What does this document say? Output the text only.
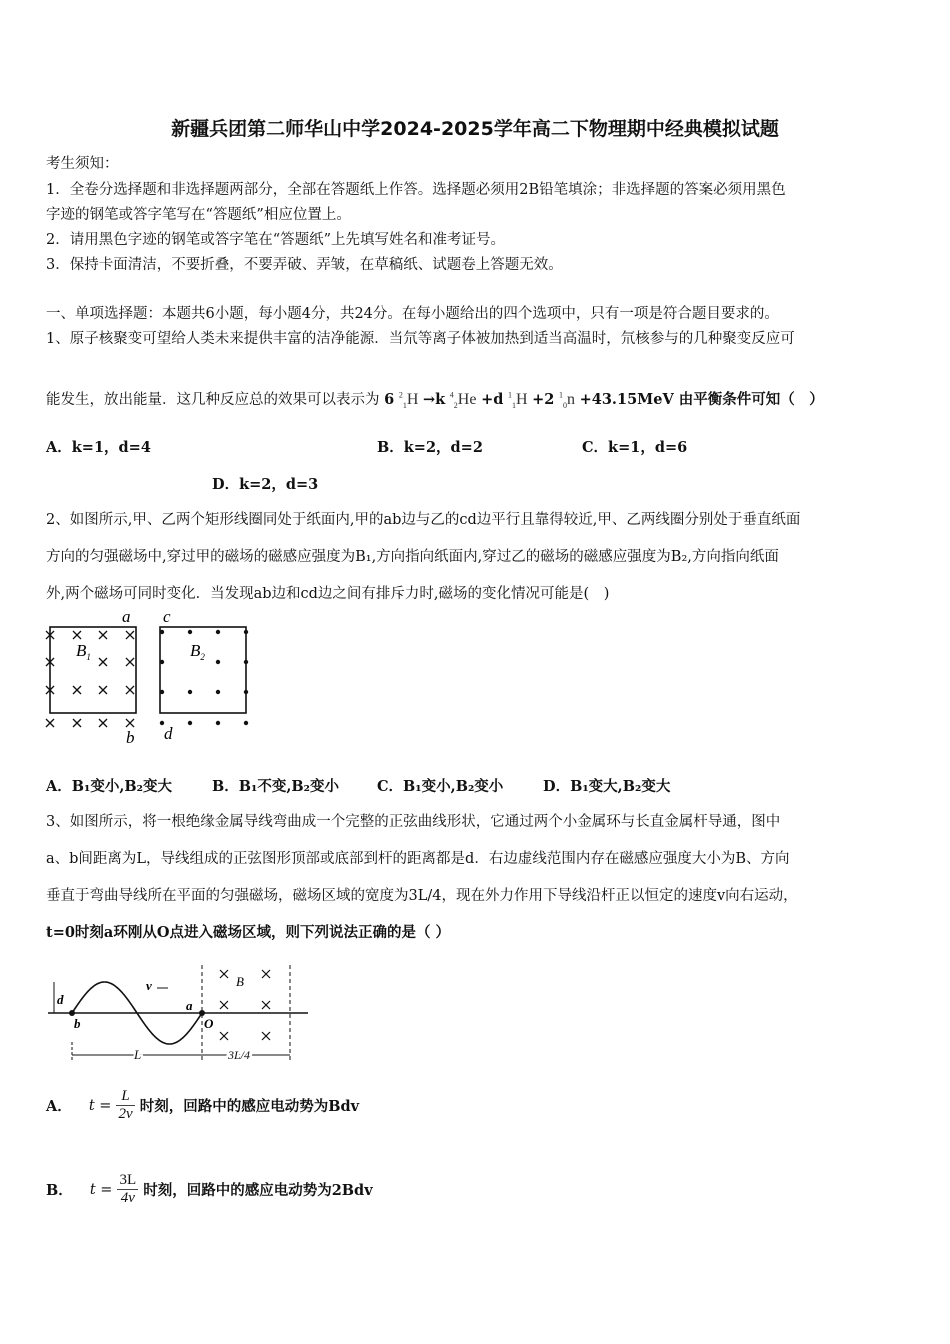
新疆兵团第二师华山中学2024-2025学年高二下物理期中经典模拟试题
考生须知：
1．全卷分选择题和非选择题两部分，全部在答题纸上作答。选择题必须用2B铅笔填涂；非选择题的答案必须用黑色
字迹的钢笔或答字笔写在“答题纸”相应位置上。
2．请用黑色字迹的钢笔或答字笔在“答题纸”上先填写姓名和准考证号。
3．保持卡面清洁，不要折叠，不要弄破、弄皱，在草稿纸、试题卷上答题无效。
一、单项选择题：本题共6小题，每小题4分，共24分。在每小题给出的四个选项中，只有一项是符合题目要求的。
1、原子核聚变可望给人类未来提供丰富的洁净能源．当氘等离子体被加热到适当高温时，氘核参与的几种聚变反应可
能发生，放出能量．这几种反应总的效果可以表示为 6 $^2_1$H →k $^4_2$He +d $^1_1$H +2 $^1_0$n +43.15MeV 由平衡条件可知（　）
A．k=1，d=4	B．k=2，d=2	C．k=1，d=6
D．k=2，d=3
2、如图所示,甲、乙两个矩形线圈同处于纸面内,甲的ab边与乙的cd边平行且靠得较近,甲、乙两线圈分别处于垂直纸面
方向的匀强磁场中,穿过甲的磁场的磁感应强度为B₁,方向指向纸面内,穿过乙的磁场的磁感应强度为B₂,方向指向纸面
外,两个磁场可同时变化．当发现ab边和cd边之间有排斥力时,磁场的变化情况可能是(　)
a
b
c
d
$B_1$	$B_2$
A．B₁变小,B₂变大	B．B₁不变,B₂变小	C．B₁变小,B₂变小	D．B₁变大,B₂变大
3、如图所示，将一根绝缘金属导线弯曲成一个完整的正弦曲线形状，它通过两个小金属环与长直金属杆导通，图中
a、b间距离为L，导线组成的正弦图形顶部或底部到杆的距离都是d．右边虚线范围内存在磁感应强度大小为B、方向
垂直于弯曲导线所在平面的匀强磁场，磁场区域的宽度为3L/4，现在外力作用下导线沿杆正以恒定的速度v向右运动，
t=0时刻a环刚从O点进入磁场区域，则下列说法正确的是（ ）
d
b
v
a
O
B
L	3L/4
A． $t = \frac{L}{2v}$ 时刻，回路中的感应电动势为Bdv
B． $t = \frac{3L}{4v}$ 时刻，回路中的感应电动势为2Bdv
